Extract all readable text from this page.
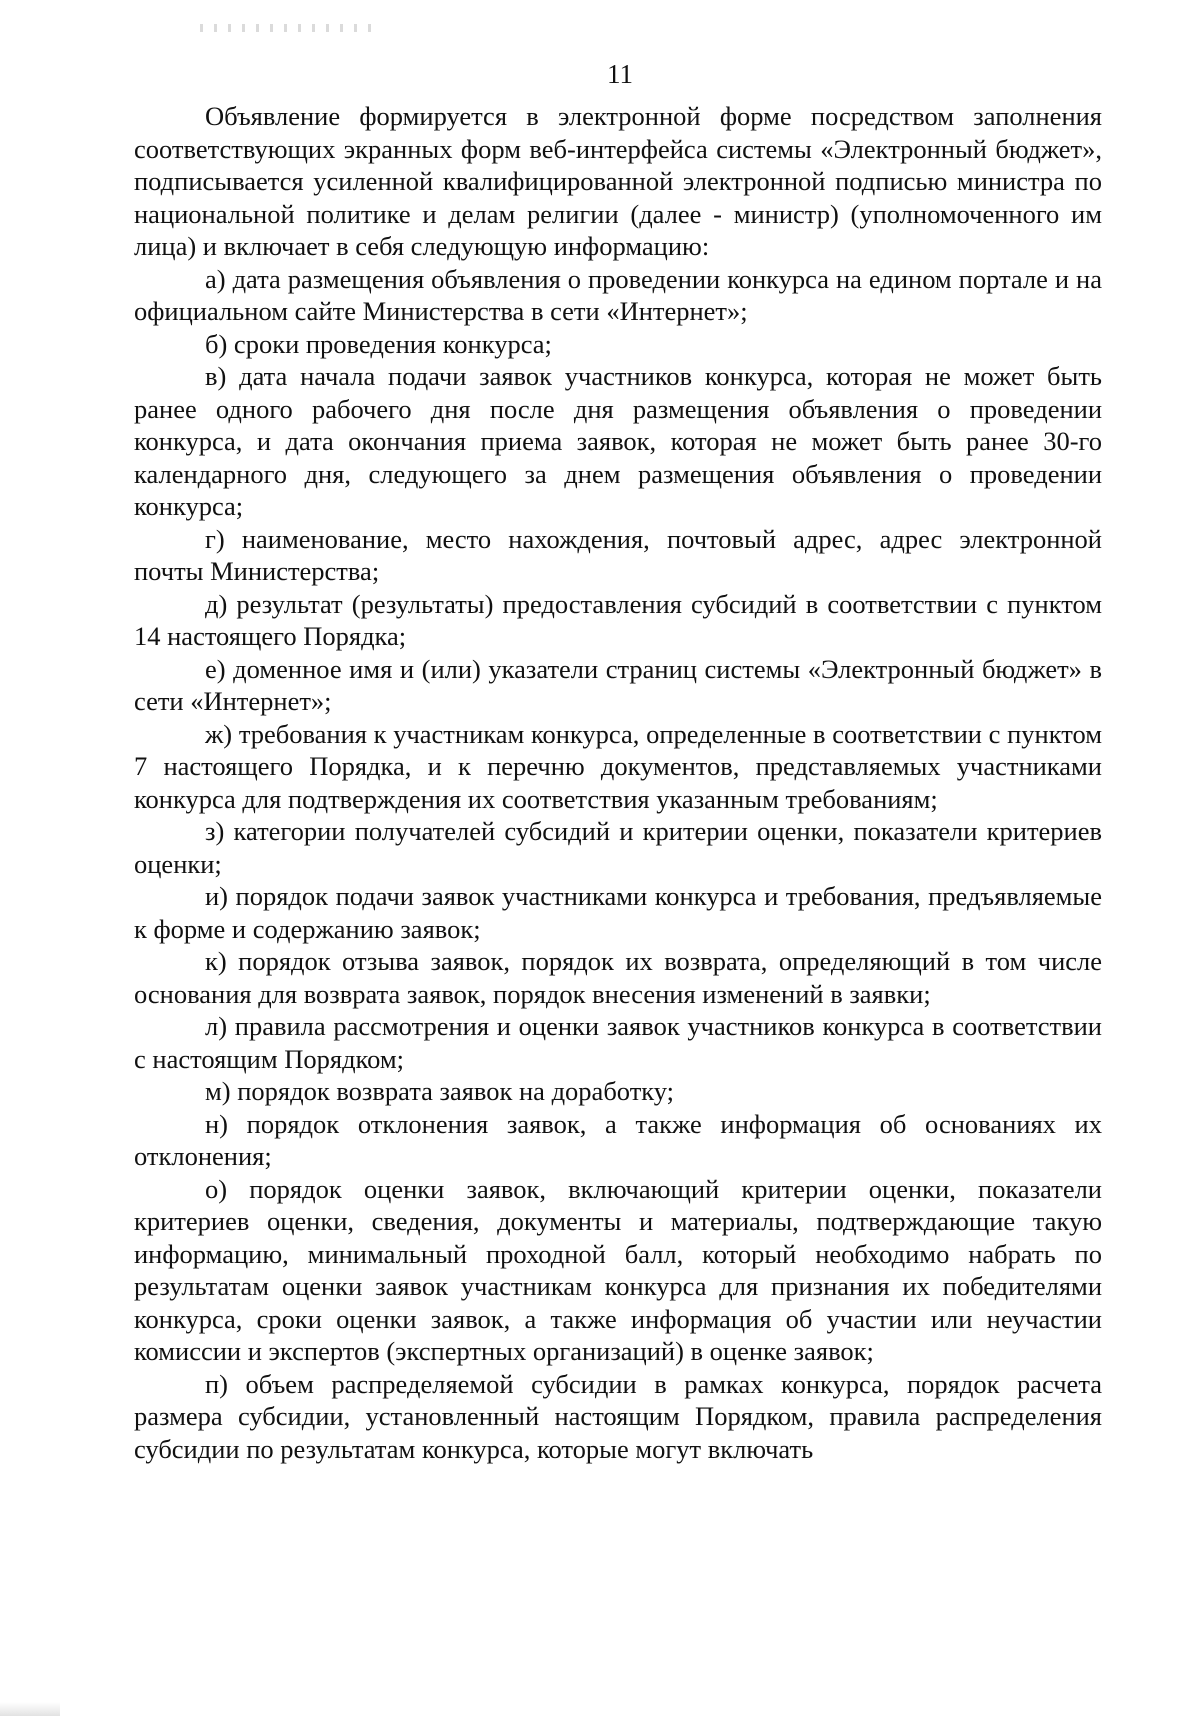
11

Объявление формируется в электронной форме посредством заполнения соответствующих экранных форм веб-интерфейса системы «Электронный бюджет», подписывается усиленной квалифицированной электронной подписью министра по национальной политике и делам религии (далее - министр) (уполномоченного им лица) и включает в себя следующую информацию:

а) дата размещения объявления о проведении конкурса на едином портале и на официальном сайте Министерства в сети «Интернет»;

б) сроки проведения конкурса;

в) дата начала подачи заявок участников конкурса, которая не может быть ранее одного рабочего дня после дня размещения объявления о проведении конкурса, и дата окончания приема заявок, которая не может быть ранее 30-го календарного дня, следующего за днем размещения объявления о проведении конкурса;

г) наименование, место нахождения, почтовый адрес, адрес электронной почты Министерства;

д) результат (результаты) предоставления субсидий в соответствии с пунктом 14 настоящего Порядка;

е) доменное имя и (или) указатели страниц системы «Электронный бюджет» в сети «Интернет»;

ж) требования к участникам конкурса, определенные в соответствии с пунктом 7 настоящего Порядка, и к перечню документов, представляемых участниками конкурса для подтверждения их соответствия указанным требованиям;

з) категории получателей субсидий и критерии оценки, показатели критериев оценки;

и) порядок подачи заявок участниками конкурса и требования, предъявляемые к форме и содержанию заявок;

к) порядок отзыва заявок, порядок их возврата, определяющий в том числе основания для возврата заявок, порядок внесения изменений в заявки;

л) правила рассмотрения и оценки заявок участников конкурса в соответствии с настоящим Порядком;

м) порядок возврата заявок на доработку;

н) порядок отклонения заявок, а также информация об основаниях их отклонения;

о) порядок оценки заявок, включающий критерии оценки, показатели критериев оценки, сведения, документы и материалы, подтверждающие такую информацию, минимальный проходной балл, который необходимо набрать по результатам оценки заявок участникам конкурса для признания их победителями конкурса, сроки оценки заявок, а также информация об участии или неучастии комиссии и экспертов (экспертных организаций) в оценке заявок;

п) объем распределяемой субсидии в рамках конкурса, порядок расчета размера субсидии, установленный настоящим Порядком, правила распределения субсидии по результатам конкурса, которые могут включать
